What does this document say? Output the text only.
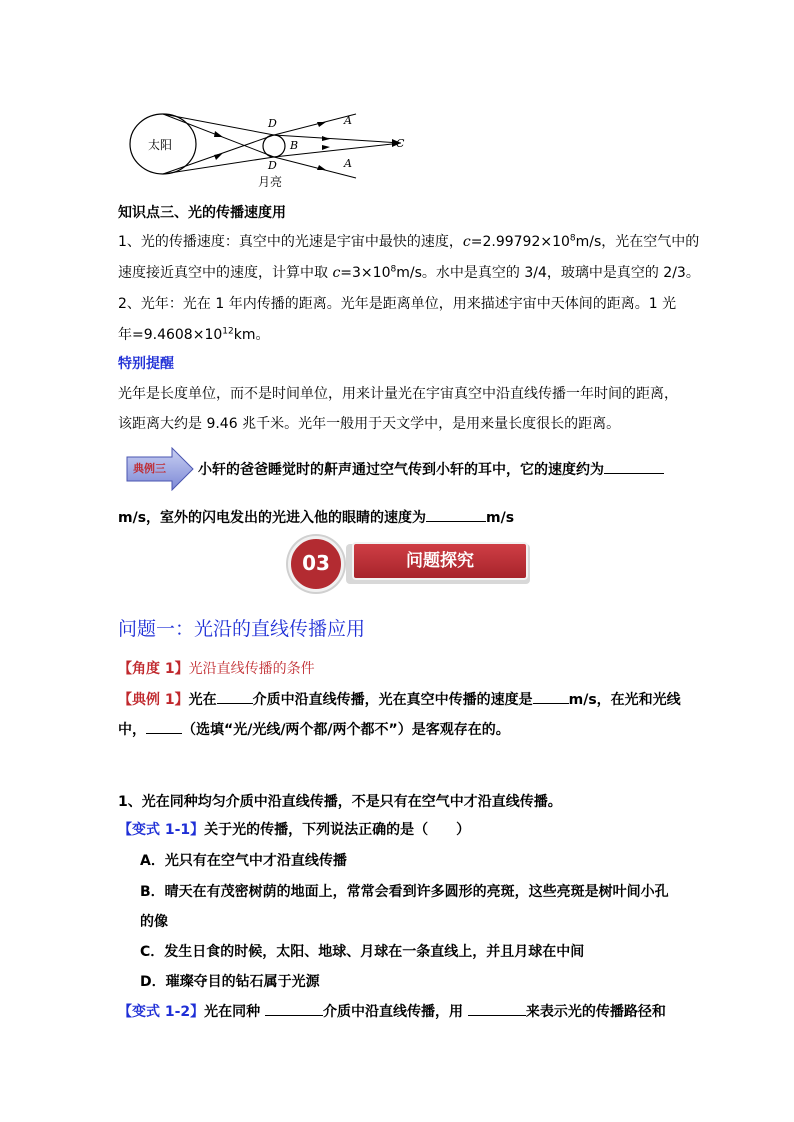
太阳
D
D
B
A
A
C
月亮
知识点三、光的传播速度用
1、光的传播速度：真空中的光速是宇宙中最快的速度，$c=2.99792\times 10^8m/s$，光在空气中的
速度接近真空中的速度，计算中取 $c=3\times 10^8m/s$。水中是真空的 3/4，玻璃中是真空的 2/3。
2、光年：光在 1 年内传播的距离。光年是距离单位，用来描述宇宙中天体间的距离。1 光
年$=9.4608\times 10^{12}km$。
特别提醒
光年是长度单位，而不是时间单位，用来计量光在宇宙真空中沿直线传播一年时间的距离，
该距离大约是 9.46 兆千米。光年一般用于天文学中，是用来量长度很长的距离。
典例三 小轩的爸爸睡觉时的鼾声通过空气传到小轩的耳中，它的速度约为
m/s，室外的闪电发出的光进入他的眼睛的速度为	m/s
问题探究
03
问题一：光沿的直线传播应用
【角度 1】光沿直线传播的条件
【典例 1】光在	介质中沿直线传播，光在真空中传播的速度是	m/s，在光和光线
中，	（选填“光/光线/两个都/两个都不”）是客观存在的。
1、光在同种均匀介质中沿直线传播，不是只有在空气中才沿直线传播。
【变式 1-1】关于光的传播，下列说法正确的是（　　）
A．光只有在空气中才沿直线传播
B．晴天在有茂密树荫的地面上，常常会看到许多圆形的亮斑，这些亮斑是树叶间小孔
的像
C．发生日食的时候，太阳、地球、月球在一条直线上，并且月球在中间
D．璀璨夺目的钻石属于光源
【变式 1-2】光在同种	介质中沿直线传播，用	来表示光的传播路径和
